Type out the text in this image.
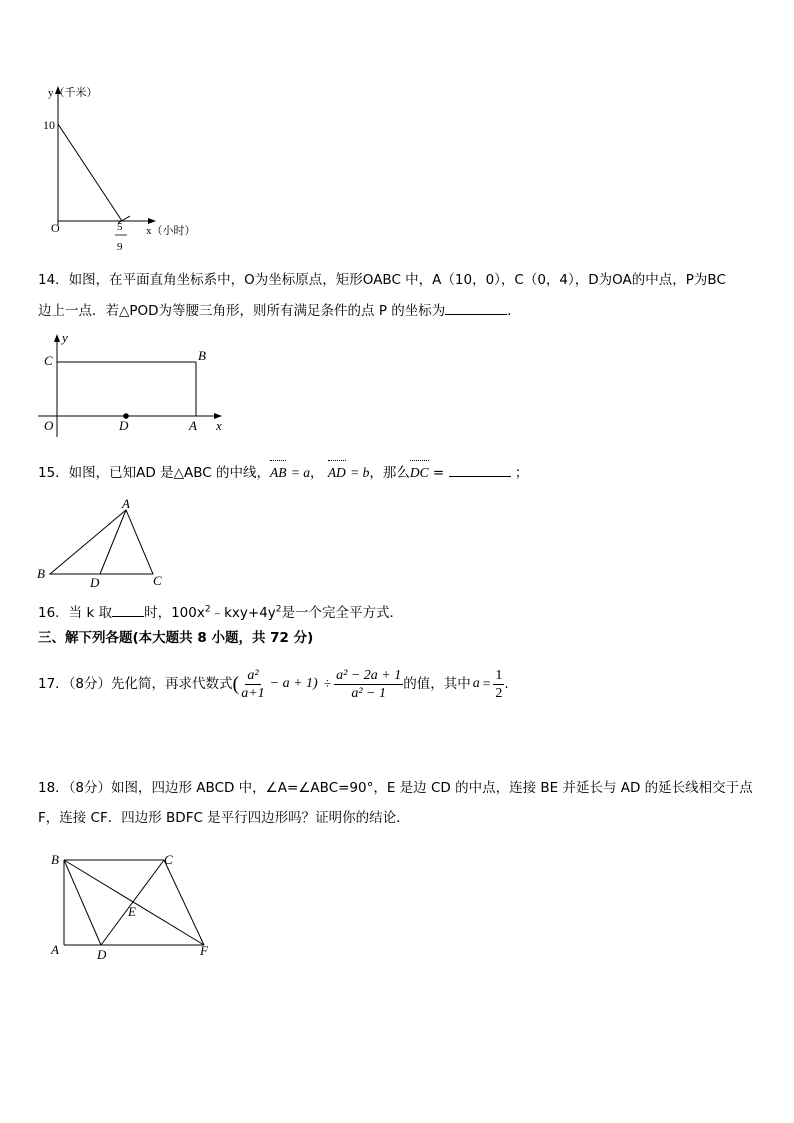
y（千米）
10
O	x（小时）
5
9
14．如图，在平面直角坐标系中，O为坐标原点，矩形OABC 中，A（10，0），C（0，4），D为OA的中点，P为BC
边上一点．若△POD为等腰三角形，则所有满足条件的点 P 的坐标为	．
y
C	B
O	D	A x
15．如图，已知AD 是△ABC 的中线，AB = a， AD = b，那么DC =	；
A
B
D	C
16．当 k 取 时，$100x^2﹣kxy+4y^2$是一个完全平方式．
三、解下列各题(本大题共 8 小题，共 72 分)
17．（8分）先化简，再求代数式 ( $\frac{\text{a²}}{a+1} - a + 1) \div \frac{\text{a² − 2a + 1}}{\text{a² − 1}}$ 的值，其中 $a = \frac{1}{2}$ .
18．（8分）如图，四边形 ABCD 中，∠A=∠ABC=90°，E 是边 CD 的中点，连接 BE 并延长与 AD 的延长线相交于点
F，连接 CF．四边形 BDFC 是平行四边形吗？证明你的结论．
B	C
E
A	D	F
